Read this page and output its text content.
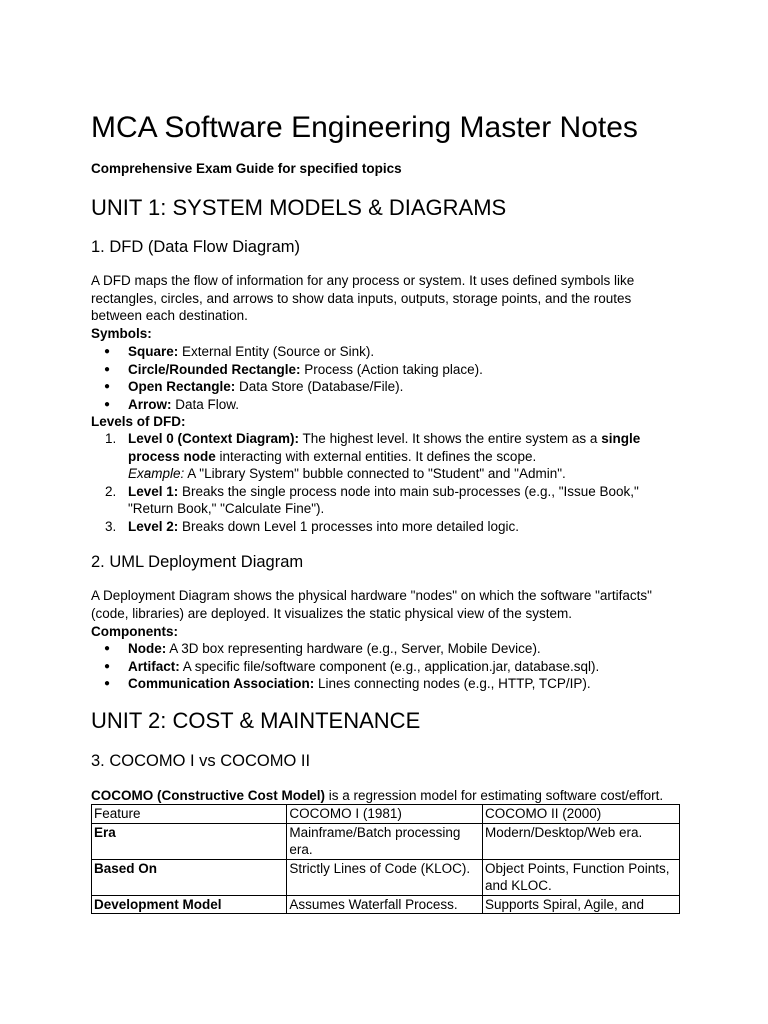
MCA Software Engineering Master Notes

Comprehensive Exam Guide for specified topics

UNIT 1: SYSTEM MODELS & DIAGRAMS
1. DFD (Data Flow Diagram)

A DFD maps the flow of information for any process or system. It uses defined symbols like rectangles, circles, and arrows to show data inputs, outputs, storage points, and the routes between each destination.

Symbols:

● Square: External Entity (Source or Sink).
● Circle/Rounded Rectangle: Process (Action taking place).
● Open Rectangle: Data Store (Database/File).
● Arrow: Data Flow.

Levels of DFD:

1. Level 0 (Context Diagram): The highest level. It shows the entire system as a single process node interacting with external entities. It defines the scope.
○ Example: A "Library System" bubble connected to "Student" and "Admin".
2. Level 1: Breaks the single process node into main sub-processes (e.g., "Issue Book," "Return Book," "Calculate Fine").
3. Level 2: Breaks down Level 1 processes into more detailed logic.
2. UML Deployment Diagram

A Deployment Diagram shows the physical hardware "nodes" on which the software "artifacts" (code, libraries) are deployed. It visualizes the static physical view of the system.

Components:

● Node: A 3D box representing hardware (e.g., Server, Mobile Device).
● Artifact: A specific file/software component (e.g., application.jar, database.sql).
● Communication Association: Lines connecting nodes (e.g., HTTP, TCP/IP).
UNIT 2: COST & MAINTENANCE
3. COCOMO I vs COCOMO II

COCOMO (Constructive Cost Model) is a regression model for estimating software cost/effort.

Feature	COCOMO I (1981)	COCOMO II (2000)
Era	Mainframe/Batch processing era.	Modern/Desktop/Web era.
Based On	Strictly Lines of Code (KLOC).	Object Points, Function Points, and KLOC.
Development Model	Assumes Waterfall Process.	Supports Spiral, Agile, and
